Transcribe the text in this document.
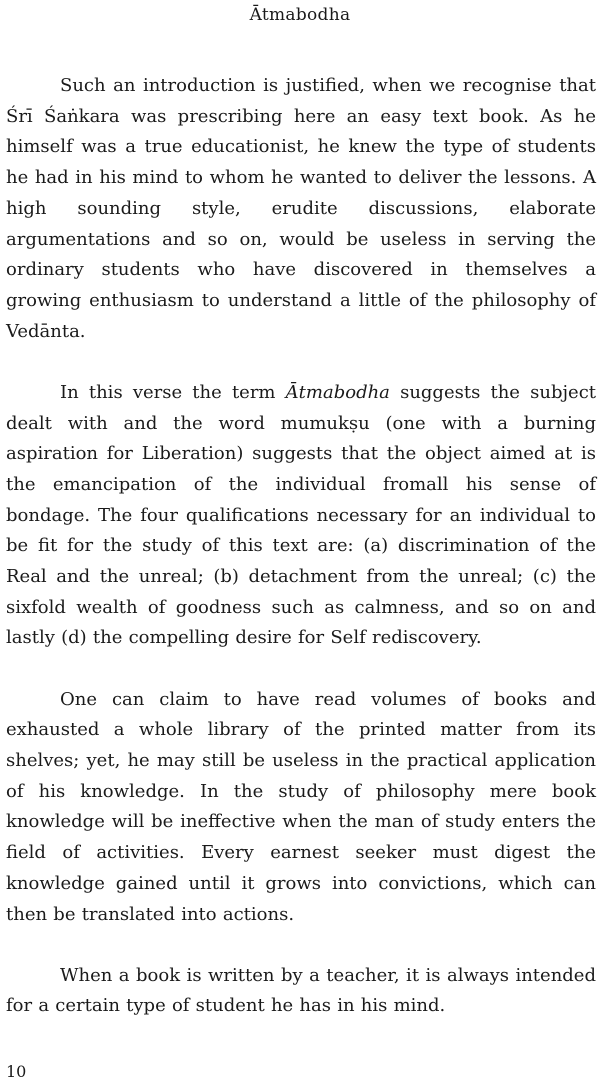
Ātmabodha

Such an introduction is justified, when we recognise that Śrī Śaṅkara was prescribing here an easy text book. As he himself was a true educationist, he knew the type of students he had in his mind to whom he wanted to deliver the lessons. A high sounding style, erudite discussions, elaborate argumentations and so on, would be useless in serving the ordinary students who have discovered in themselves a growing enthusiasm to understand a little of the philosophy of Vedānta.

In this verse the term Ātmabodha suggests the subject dealt with and the word mumukṣu (one with a burning aspiration for Liberation) suggests that the object aimed at is the emancipation of the individual fromall his sense of bondage. The four qualifications necessary for an individual to be fit for the study of this text are: (a) discrimination of the Real and the unreal; (b) detachment from the unreal; (c) the sixfold wealth of goodness such as calmness, and so on and lastly (d) the compelling desire for Self rediscovery.

One can claim to have read volumes of books and exhausted a whole library of the printed matter from its shelves; yet, he may still be useless in the practical application of his knowledge. In the study of philosophy mere book knowledge will be ineffective when the man of study enters the field of activities. Every earnest seeker must digest the knowledge gained until it grows into convictions, which can then be translated into actions.

When a book is written by a teacher, it is always intended for a certain type of student he has in his mind.

10
